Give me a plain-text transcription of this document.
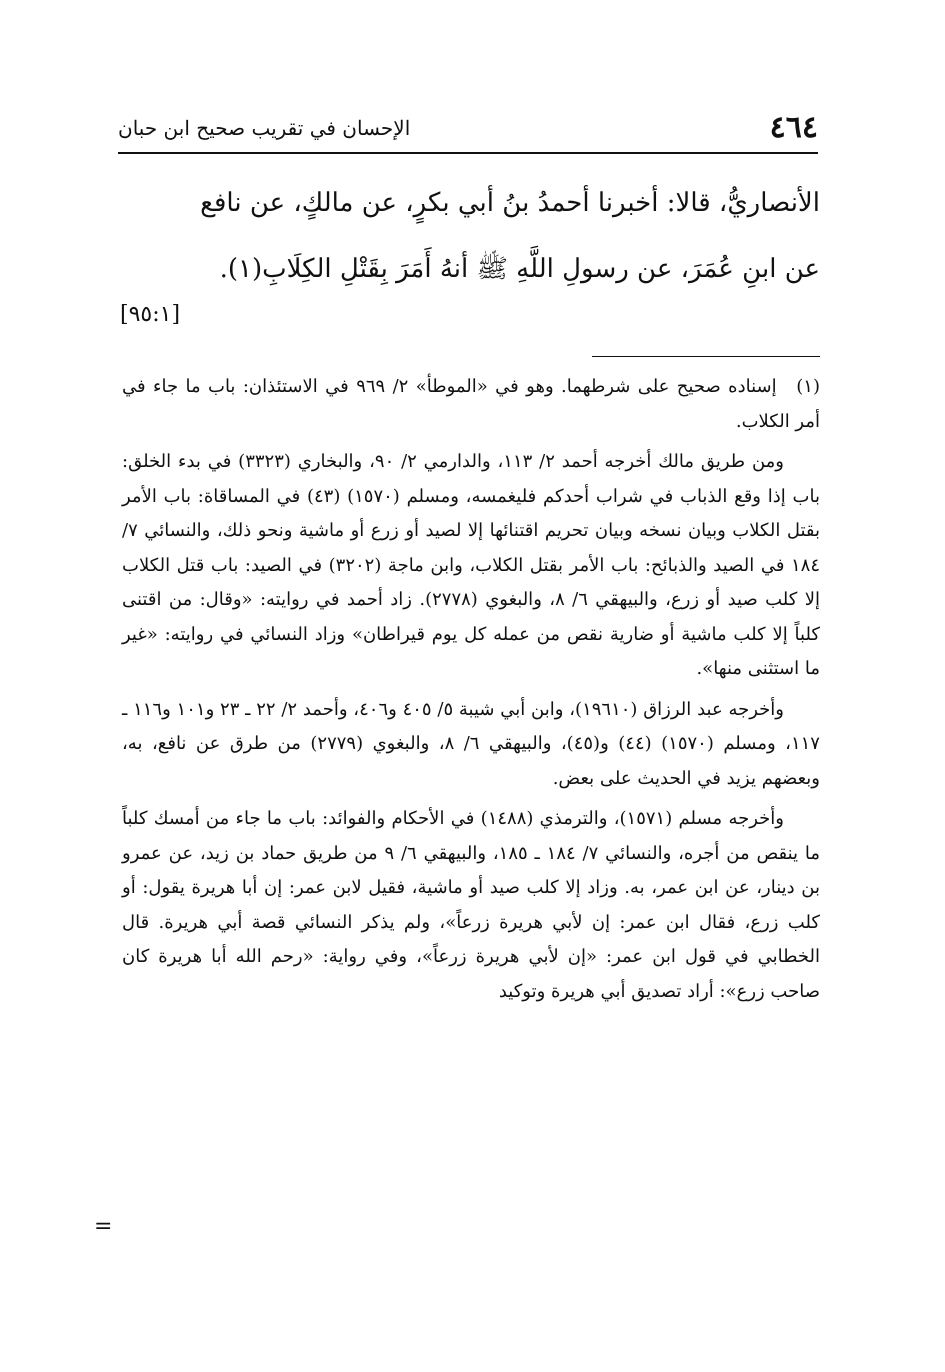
٤٦٤
الإحسان في تقريب صحيح ابن حبان

الأنصاريُّ، قالا: أخبرنا أحمدُ بنُ أبي بكرٍ، عن مالكٍ، عن نافع

عن ابنِ عُمَرَ، عن رسولِ اللَّهِ ﷺ أنهُ أَمَرَ بِقَتْلِ الكِلَابِ(١).

[٩٥:١]

(١) إسناده صحيح على شرطهما. وهو في «الموطأ» ٢/ ٩٦٩ في الاستئذان: باب ما جاء في أمر الكلاب.

ومن طريق مالك أخرجه أحمد ٢/ ١١٣، والدارمي ٢/ ٩٠، والبخاري (٣٣٢٣) في بدء الخلق: باب إذا وقع الذباب في شراب أحدكم فليغمسه، ومسلم (١٥٧٠) (٤٣) في المساقاة: باب الأمر بقتل الكلاب وبيان نسخه وبيان تحريم اقتنائها إلا لصيد أو زرع أو ماشية ونحو ذلك، والنسائي ٧/ ١٨٤ في الصيد والذبائح: باب الأمر بقتل الكلاب، وابن ماجة (٣٢٠٢) في الصيد: باب قتل الكلاب إلا كلب صيد أو زرع، والبيهقي ٦/ ٨، والبغوي (٢٧٧٨). زاد أحمد في روايته: «وقال: من اقتنى كلباً إلا كلب ماشية أو ضارية نقص من عمله كل يوم قيراطان» وزاد النسائي في روايته: «غير ما استثنى منها».

وأخرجه عبد الرزاق (١٩٦١٠)، وابن أبي شيبة ٥/ ٤٠٥ و٤٠٦، وأحمد ٢/ ٢٢ ـ ٢٣ و١٠١ و١١٦ ـ ١١٧، ومسلم (١٥٧٠) (٤٤) و(٤٥)، والبيهقي ٦/ ٨، والبغوي (٢٧٧٩) من طرق عن نافع، به، وبعضهم يزيد في الحديث على بعض.

وأخرجه مسلم (١٥٧١)، والترمذي (١٤٨٨) في الأحكام والفوائد: باب ما جاء من أمسك كلباً ما ينقص من أجره، والنسائي ٧/ ١٨٤ ـ ١٨٥، والبيهقي ٦/ ٩ من طريق حماد بن زيد، عن عمرو بن دينار، عن ابن عمر، به. وزاد إلا كلب صيد أو ماشية، فقيل لابن عمر: إن أبا هريرة يقول: أو كلب زرع، فقال ابن عمر: إن لأبي هريرة زرعاً»، ولم يذكر النسائي قصة أبي هريرة. قال الخطابي في قول ابن عمر: «إن لأبي هريرة زرعاً»، وفي رواية: «رحم الله أبا هريرة كان صاحب زرع»: أراد تصديق أبي هريرة وتوكيد

=
